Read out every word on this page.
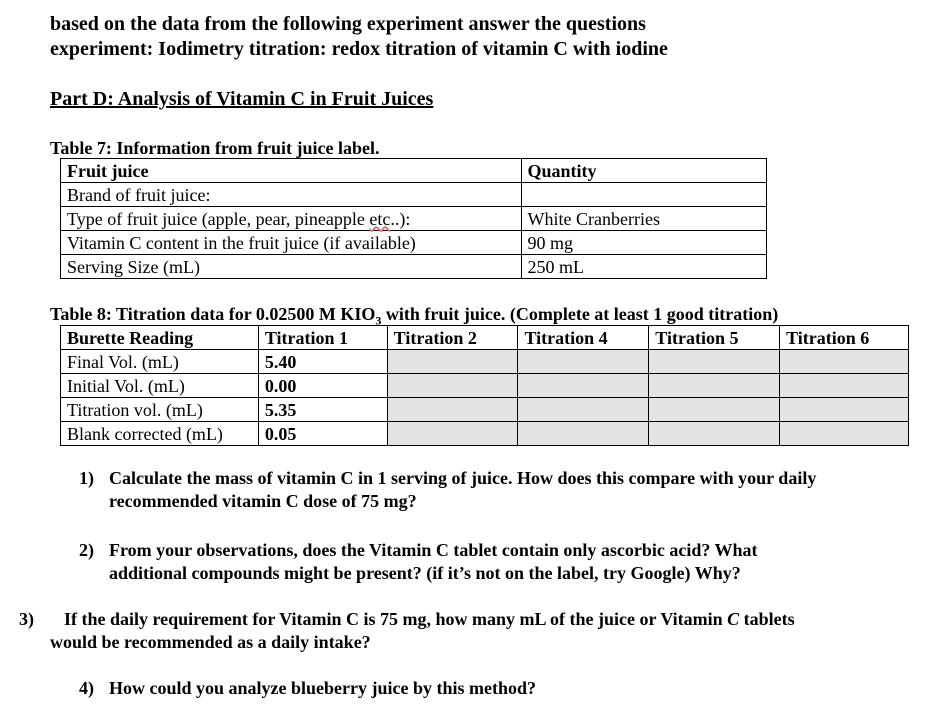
based on the data from the following experiment answer the questions
experiment: Iodimetry titration: redox titration of vitamin C with iodine
Part D: Analysis of Vitamin C in Fruit Juices
Table 7: Information from fruit juice label.
Fruit juice	Quantity
Brand of fruit juice:	
Type of fruit juice (apple, pear, pineapple etc..):	White Cranberries
Vitamin C content in the fruit juice (if available)	90 mg
Serving Size (mL)	250 mL
Table 8: Titration data for 0.02500 M $KIO_3$ with fruit juice. (Complete at least 1 good titration)
Burette Reading	Titration 1	Titration 2	Titration 4	Titration 5	Titration 6
Final Vol. (mL)	5.40				
Initial Vol. (mL)	0.00				
Titration vol. (mL)	5.35				
Blank corrected (mL)	0.05				
1) Calculate the mass of vitamin C in 1 serving of juice. How does this compare with your daily
recommended vitamin C dose of 75 mg?
2) From your observations, does the Vitamin C tablet contain only ascorbic acid? What
additional compounds might be present? (if it’s not on the label, try Google) Why?
3) If the daily requirement for Vitamin C is 75 mg, how many mL of the juice or Vitamin C tablets
would be recommended as a daily intake?
4) How could you analyze blueberry juice by this method?
